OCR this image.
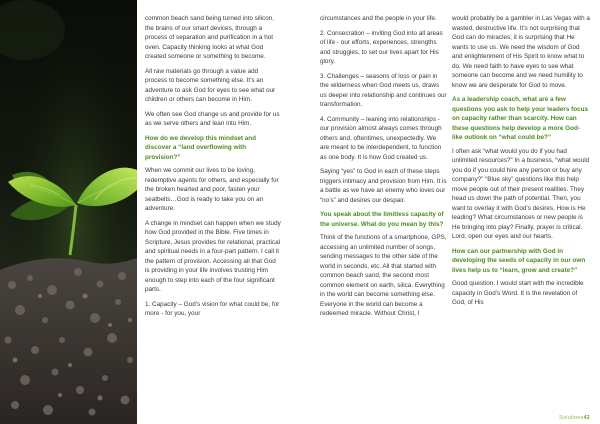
common beach sand being turned into silicon, the brains of our smart devices, through a process of separation and purification in a hot oven. Capacity thinking looks at what God created someone or something to become.

All raw materials go through a value add process to become something else. It’s an adventure to ask God for eyes to see what our children or others can become in Him.

We often see God change us and provide for us as we serve others and lean into Him.

How do we develop this mindset and discover a “land overflowing with provision?”

When we commit our lives to be loving, redemptive agents for others, and especially for the broken hearted and poor, fasten your seatbelts…God is ready to take you on an adventure.

A change in mindset can happen when we study how God provided in the Bible. Five times in Scripture, Jesus provides for relational, practical and spiritual needs in a four-part pattern. I call it the pattern of provision. Accessing all that God is providing in your life involves trusting Him enough to step into each of the four significant parts.

1. Capacity – God’s vision for what could be, for more - for you, your

circumstances and the people in your life.

2. Consecration – inviting God into all areas of life - our efforts, experiences, strengths and struggles, to set our lives apart for His glory.

3. Challenges – seasons of loss or pain in the wilderness when God meets us, draws us deeper into relationship and continues our transformation.

4. Community – leaning into relationships - our provision almost always comes through others and, oftentimes, unexpectedly. We are meant to be interdependent, to function as one body. It is how God created us.

Saying “yes” to God in each of these steps triggers intimacy and provision from Him. It is a battle as we have an enemy who loves our “no’s” and desires our despair.

You speak about the limitless capacity of the universe. What do you mean by this?

Think of the functions of a smartphone, GPS, accessing an unlimited number of songs, sending messages to the other side of the world in seconds, etc. All that started with common beach sand, the second most common element on earth, silica. Everything in the world can become something else. Everyone in the world can become a redeemed miracle. Without Christ, I

would probably be a gambler in Las Vegas with a wasted, destructive life. It’s not surprising that God can do miracles; it is surprising that He wants to use us. We need the wisdom of God and enlightenment of His Spirit to know what to do. We need faith to have eyes to see what someone can become and we need humility to know we are desperate for God to move.

As a leadership coach, what are a few questions you ask to help your leaders focus on capacity rather than scarcity. How can these questions help develop a more God-like outlook on “what could be?”

I often ask “what would you do if you had unlimited resources?” In a business, “what would you do if you could hire any person or buy any company?” “Blue sky” questions like this help move people out of their present realities. They head us down the path of potential. Then, you want to overlay it with God’s desires. How is He leading? What circumstances or new people is He bringing into play? Finally, prayer is critical. Lord, open our eyes and our hearts.

How can our partnership with God in developing the seeds of capacity in our own lives help us to “learn, grow and create?”

Good question. I would start with the incredible capacity in God’s Word. It is the revelation of God, of His

Solutions42
